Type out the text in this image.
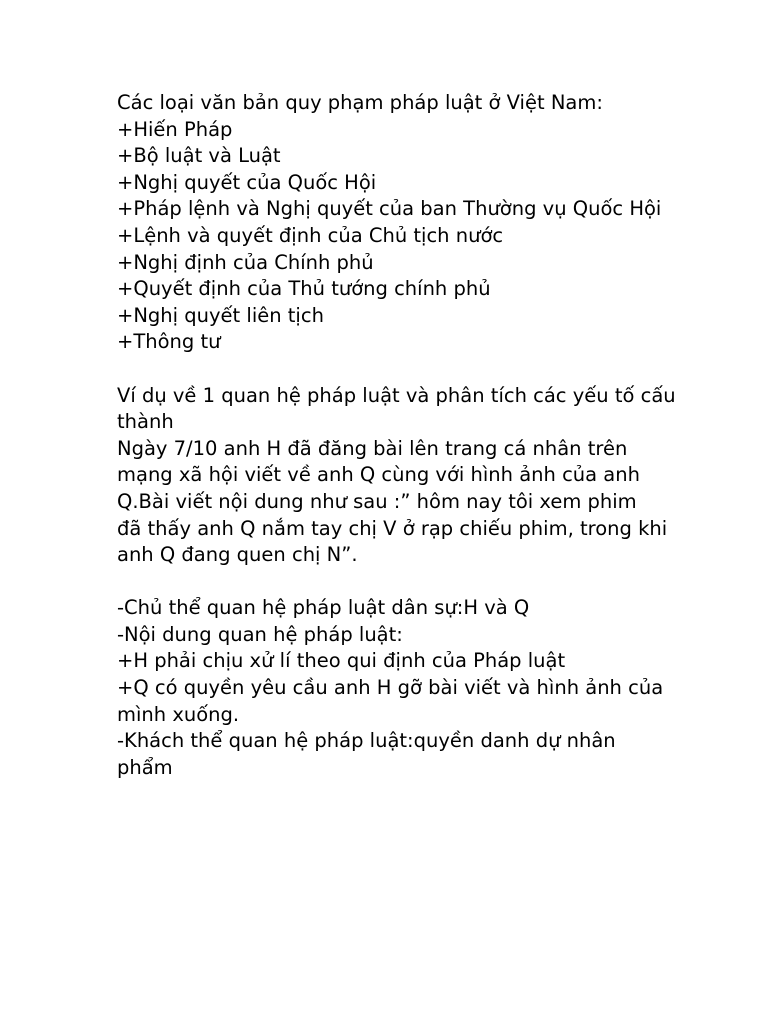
Các loại văn bản quy phạm pháp luật ở Việt Nam:
+Hiến Pháp
+Bộ luật và Luật
+Nghị quyết của Quốc Hội
+Pháp lệnh và Nghị quyết của ban Thường vụ Quốc Hội
+Lệnh và quyết định của Chủ tịch nước
+Nghị định của Chính phủ
+Quyết định của Thủ tướng chính phủ
+Nghị quyết liên tịch
+Thông tư
Ví dụ về 1 quan hệ pháp luật và phân tích các yếu tố cấu
thành
Ngày 7/10 anh H đã đăng bài lên trang cá nhân trên
mạng xã hội viết về anh Q cùng với hình ảnh của anh
Q.Bài viết nội dung như sau :” hôm nay tôi xem phim
đã thấy anh Q nắm tay chị V ở rạp chiếu phim, trong khi
anh Q đang quen chị N”.
-Chủ thể quan hệ pháp luật dân sự:H và Q
-Nội dung quan hệ pháp luật:
+H phải chịu xử lí theo qui định của Pháp luật
+Q có quyền yêu cầu anh H gỡ bài viết và hình ảnh của
mình xuống.
-Khách thể quan hệ pháp luật:quyền danh dự nhân
phẩm
